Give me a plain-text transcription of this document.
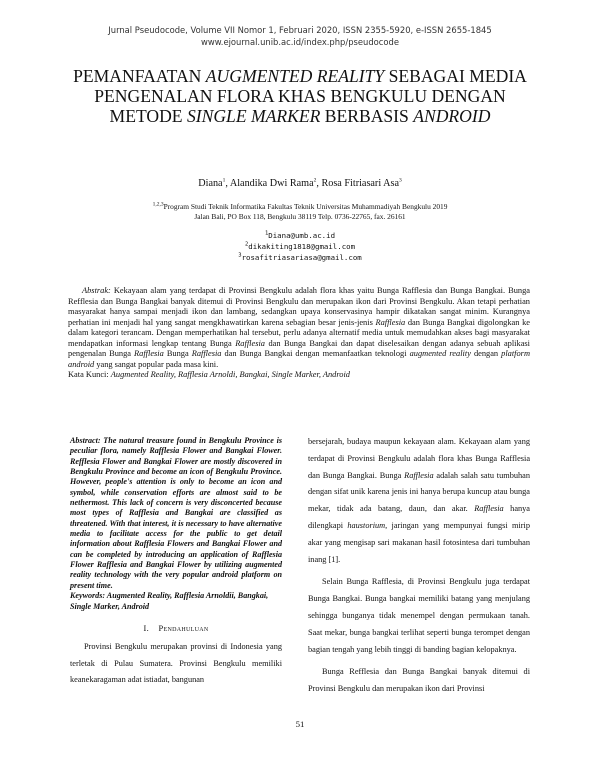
Jurnal Pseudocode, Volume VII Nomor 1, Februari 2020, ISSN 2355-5920, e-ISSN 2655-1845
www.ejournal.unib.ac.id/index.php/pseudocode
PEMANFAATAN AUGMENTED REALITY SEBAGAI MEDIA PENGENALAN FLORA KHAS BENGKULU DENGAN METODE SINGLE MARKER BERBASIS ANDROID
Diana$^1$, Alandika Dwi Rama$^2$, Rosa Fitriasari Asa$^3$
$^{1,2,3}$Program Studi Teknik Informatika Fakultas Teknik Universitas Muhammadiyah Bengkulu 2019
Jalan Bali, PO Box 118, Bengkulu 38119 Telp. 0736-22765, fax. 26161
$^1$Diana@umb.ac.id
$^2$dikakiting1818@gmail.com
$^3$rosafitriasariasa@gmail.com

Abstrak: Kekayaan alam yang terdapat di Provinsi Bengkulu adalah flora khas yaitu Bunga Rafflesia dan Bunga Bangkai. Bunga Refflesia dan Bunga Bangkai banyak ditemui di Provinsi Bengkulu dan merupakan ikon dari Provinsi Bengkulu. Akan tetapi perhatian masyarakat hanya sampai menjadi ikon dan lambang, sedangkan upaya konservasinya hampir dikatakan sangat minim. Kurangnya perhatian ini menjadi hal yang sangat mengkhawatirkan karena sebagian besar jenis-jenis Rafflesia dan Bunga Bangkai digolongkan ke dalam kategori terancam. Dengan memperhatikan hal tersebut, perlu adanya alternatif media untuk memudahkan akses bagi masyarakat mendapatkan informasi lengkap tentang Bunga Rafflesia dan Bunga Bangkai dan dapat diselesaikan dengan adanya sebuah aplikasi pengenalan Bunga Rafflesia Bunga Rafflesia dan Bunga Bangkai dengan memanfaatkan teknologi augmented reality dengan platform android yang sangat popular pada masa kini.

Kata Kunci: Augmented Reality, Rafflesia Arnoldi, Bangkai, Single Marker, Android

Abstract: The natural treasure found in Bengkulu Province is peculiar flora, namely Rafflesia Flower and Bangkai Flower. Refflesia Flower and Bangkai Flower are mostly discovered in Bengkulu Province and become an icon of Bengkulu Province. However, people's attention is only to become an icon and symbol, while conservation efforts are almost said to be nethermost. This lack of concern is very disconcerted because most types of Rafflesia and Bangkai are classified as threatened. With that interest, it is necessary to have alternative media to facilitate access for the public to get detail information about Rafflesia Flowers and Bangkai Flower and can be completed by introducing an application of Rafflesia Flower Rafflesia and Bangkai Flower by utilizing augmented reality technology with the very popular android platform on present time.

Keywords: Augmented Reality, Rafflesia Arnoldii, Bangkai, Single Marker, Android

I. Pendahuluan

Provinsi Bengkulu merupakan provinsi di Indonesia yang terletak di Pulau Sumatera. Provinsi Bengkulu memiliki keanekaragaman adat istiadat, bangunan

bersejarah, budaya maupun kekayaan alam. Kekayaan alam yang terdapat di Provinsi Bengkulu adalah flora khas Bunga Rafflesia dan Bunga Bangkai. Bunga Rafflesia adalah salah satu tumbuhan dengan sifat unik karena jenis ini hanya berupa kuncup atau bunga mekar, tidak ada batang, daun, dan akar. Rafflesia hanya dilengkapi haustorium, jaringan yang mempunyai fungsi mirip akar yang mengisap sari makanan hasil fotosintesa dari tumbuhan inang [1].

Selain Bunga Rafflesia, di Provinsi Bengkulu juga terdapat Bunga Bangkai. Bunga bangkai memiliki batang yang menjulang sehingga bunganya tidak menempel dengan permukaan tanah. Saat mekar, bunga bangkai terlihat seperti bunga terompet dengan bagian tengah yang lebih tinggi di banding bagian kelopaknya.

Bunga Refflesia dan Bunga Bangkai banyak ditemui di Provinsi Bengkulu dan merupakan ikon dari Provinsi

51
